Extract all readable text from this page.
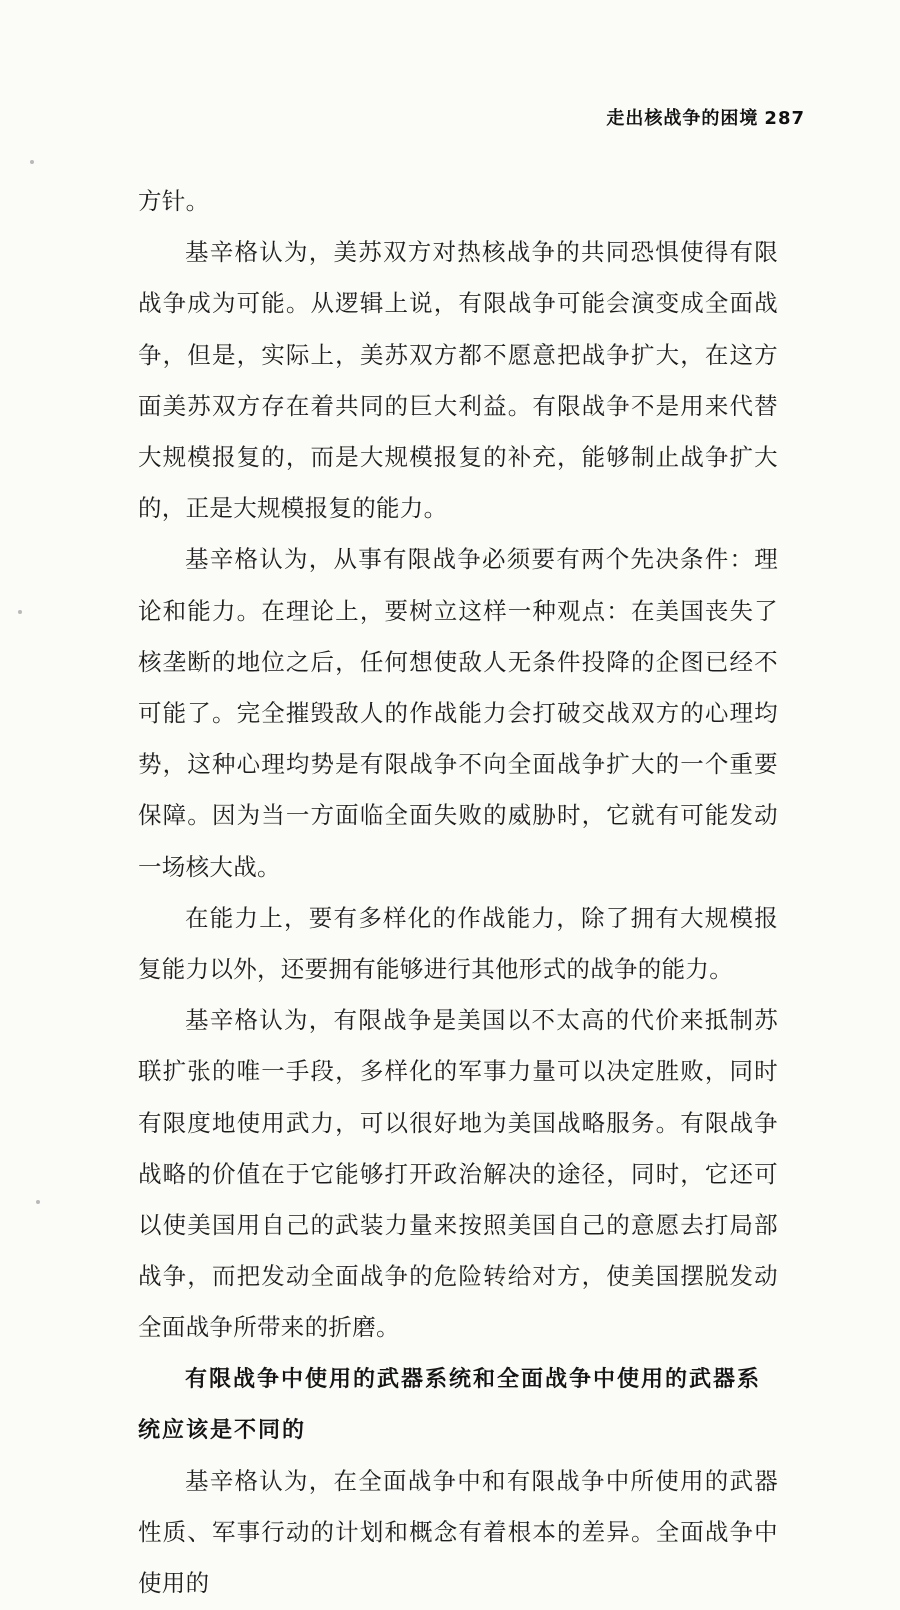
走出核战争的困境 287

方针。

基辛格认为，美苏双方对热核战争的共同恐惧使得有限战争成为可能。从逻辑上说，有限战争可能会演变成全面战争，但是，实际上，美苏双方都不愿意把战争扩大，在这方面美苏双方存在着共同的巨大利益。有限战争不是用来代替大规模报复的，而是大规模报复的补充，能够制止战争扩大的，正是大规模报复的能力。

基辛格认为，从事有限战争必须要有两个先决条件：理论和能力。在理论上，要树立这样一种观点：在美国丧失了核垄断的地位之后，任何想使敌人无条件投降的企图已经不可能了。完全摧毁敌人的作战能力会打破交战双方的心理均势，这种心理均势是有限战争不向全面战争扩大的一个重要保障。因为当一方面临全面失败的威胁时，它就有可能发动一场核大战。

在能力上，要有多样化的作战能力，除了拥有大规模报复能力以外，还要拥有能够进行其他形式的战争的能力。

基辛格认为，有限战争是美国以不太高的代价来抵制苏联扩张的唯一手段，多样化的军事力量可以决定胜败，同时有限度地使用武力，可以很好地为美国战略服务。有限战争战略的价值在于它能够打开政治解决的途径，同时，它还可以使美国用自己的武装力量来按照美国自己的意愿去打局部战争，而把发动全面战争的危险转给对方，使美国摆脱发动全面战争所带来的折磨。

有限战争中使用的武器系统和全面战争中使用的武器系统应该是不同的

基辛格认为，在全面战争中和有限战争中所使用的武器性质、军事行动的计划和概念有着根本的差异。全面战争中使用的
